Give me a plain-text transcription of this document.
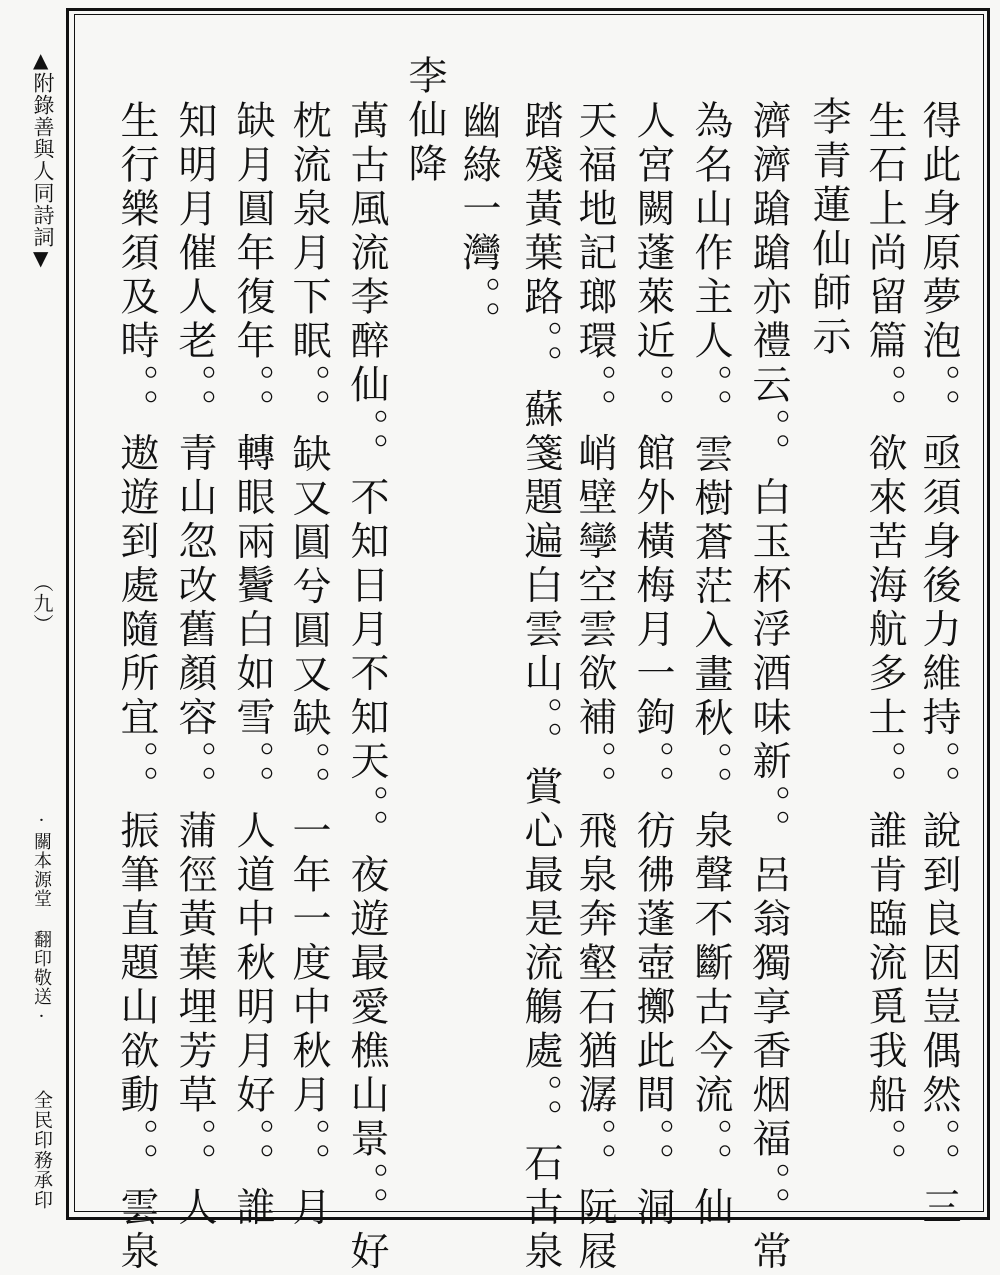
▲
附錄善與人同詩詞
▼
（九）
·關本源堂 翻印敬送·
全民印務承印
得此身原夢泡。。亟須身後力維持。。說到良因豈偶然。。三
生石上尚留篇。。欲來苦海航多士。。誰肯臨流覓我船。。
李青蓮仙師示
濟濟蹌蹌亦禮云。。白玉杯浮酒味新。。呂翁獨享香烟福。。常
為名山作主人。。雲樹蒼茫入畫秋。。泉聲不斷古今流。。仙
人宮闕蓬萊近。。館外橫梅月一鉤。。彷彿蓬壺擲此間。。洞
天福地記瑯環。。峭壁孿空雲欲補。。飛泉奔壑石猶潺。。阮屐
踏殘黃葉路。。蘇箋題遍白雲山。。賞心最是流觴處。。石古泉
幽綠一灣。。
李仙降
萬古風流李醉仙。。不知日月不知天。。夜遊最愛樵山景。。好
枕流泉月下眠。。缺又圓兮圓又缺。。一年一度中秋月。。月
缺月圓年復年。。轉眼兩鬢白如雪。。人道中秋明月好。。誰
知明月催人老。。青山忽改舊顏容。。蒲徑黃葉埋芳草。。人
生行樂須及時。。遨遊到處隨所宜。。振筆直題山欲動。。雲泉
